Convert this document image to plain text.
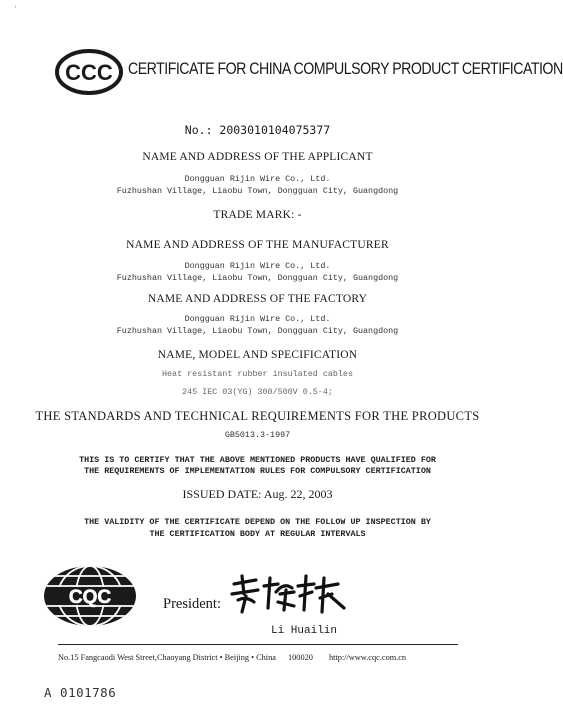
‘
CCC CERTIFICATE FOR CHINA COMPULSORY PRODUCT CERTIFICATION
No.: 2003010104075377
NAME AND ADDRESS OF THE APPLICANT
Dongguan Rijin Wire Co., Ltd.
Fuzhushan Village, Liaobu Town, Dongguan City, Guangdong
TRADE MARK: -
NAME AND ADDRESS OF THE MANUFACTURER
Dongguan Rijin Wire Co., Ltd.
Fuzhushan Village, Liaobu Town, Dongguan City, Guangdong
NAME AND ADDRESS OF THE FACTORY
Dongguan Rijin Wire Co., Ltd.
Fuzhushan Village, Liaobu Town, Dongguan City, Guangdong
NAME, MODEL AND SPECIFICATION
Heat resistant rubber insulated cables
245 IEC 03(YG) 300/500V 0.5-4;
THE STANDARDS AND TECHNICAL REQUIREMENTS FOR THE PRODUCTS
GB5013.3-1997
THIS IS TO CERTIFY THAT THE ABOVE MENTIONED PRODUCTS HAVE QUALIFIED FOR
THE REQUIREMENTS OF IMPLEMENTATION RULES FOR COMPULSORY CERTIFICATION
ISSUED DATE: Aug. 22, 2003
THE VALIDITY OF THE CERTIFICATE DEPEND ON THE FOLLOW UP INSPECTION BY
THE CERTIFICATION BODY AT REGULAR INTERVALS
CQC	President:
Li Huailin
No.15 Fangcaodi West Street,Chaoyang District • Beijing • China 100020 http://www.cqc.com.cn
A 0101786
